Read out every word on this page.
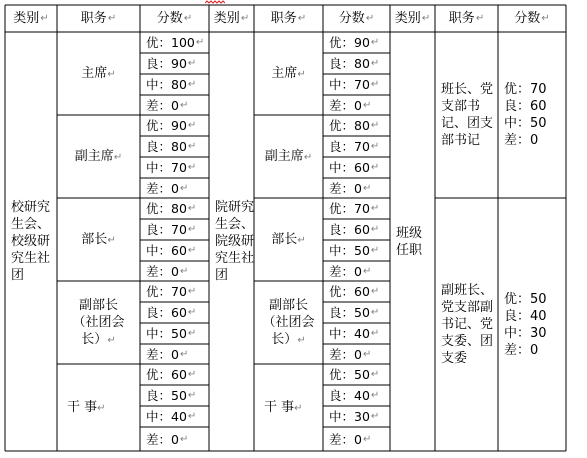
类别 ↵ 职务 ↵	分数 ↵ 类别 ↵ 职务 ↵	分数 ↵ 类别 ↵ 职务 ↵ 分数 ↵
校研究生会、校级研究生社团
主席↵
副主席↵
部长↵
副部长（社团会长）↵
干 事↵
优：100 ↵
良：90 ↵
中：80 ↵
差：0 ↵
优：90 ↵
良：80 ↵
中：70 ↵
差：0 ↵
优：80 ↵
良：70 ↵
中：60 ↵
差：0 ↵
优：70 ↵
良：60 ↵
中：50 ↵
差：0 ↵
优：60 ↵
良：50 ↵
中：40 ↵
差：0 ↵
院研究生会、院级研究生社团
主席↵
副主席↵
部长↵
副部长（社团会长）↵
干 事↵
优：90 ↵
良：80 ↵
中：70 ↵
差：0 ↵
优：80 ↵
良：70 ↵
中：60 ↵
差：0 ↵
优：70 ↵
良：60 ↵
中：50 ↵
差：0 ↵
优：60 ↵
良：50 ↵
中：40 ↵
差：0 ↵
优：50 ↵
良：40 ↵
中：30 ↵
差：0 ↵
班级任职
班长、党支部书记、团支部书记
副班长、党支部副书记、党支委、团支委
优：70
良：60
中：50
差：0
优：50
良：40
中：30
差：0
